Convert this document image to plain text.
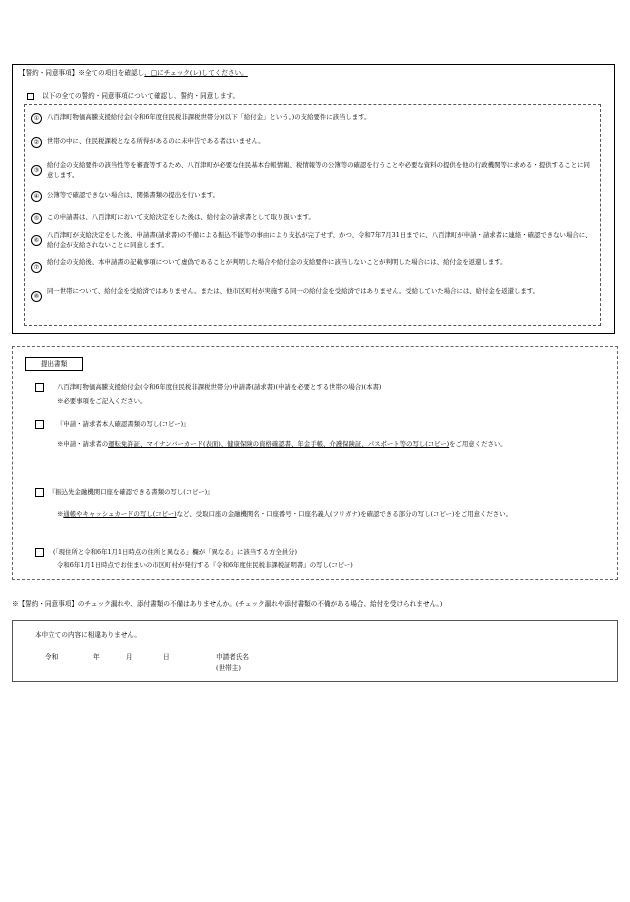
【誓約・同意事項】※全ての項目を確認し、□にチェック(レ)してください。
以下の全ての誓約・同意事項について確認し、誓約・同意します。
①	八百津町物価高騰支援給付金(令和6年度住民税非課税世帯分)(以下「給付金」という。)の支給要件に該当します。
②	世帯の中に、住民税課税となる所得があるのに未申告である者はいません。
③
給付金の支給要件の該当性等を審査等するため、八百津町が必要な住民基本台帳情報、税情報等の公簿等の確認を行うことや必要な資料の提供を他の行政機関等に求める・提供することに同意します。
④	公簿等で確認できない場合は、関係書類の提出を行います。
⑤	この申請書は、八百津町において支給決定をした後は、給付金の請求書として取り扱います。
⑥
八百津町が支給決定をした後、申請書(請求書)の不備による振込不能等の事由により支払が完了せず、かつ、令和7年7月31日までに、八百津町が申請・請求者に連絡・確認できない場合に、給付金が支給されないことに同意します。
⑦
給付金の支給後、本申請書の記載事項について虚偽であることが判明した場合や給付金の支給要件に該当しないことが判明した場合には、給付金を返還します。
⑧
同一世帯について、給付金を受給済ではありません。または、他市区町村が実施する同一の給付金を受給済ではありません。受給していた場合には、給付金を返還します。
提出書類
八百津町物価高騰支援給付金(令和6年度住民税非課税世帯分)申請書(請求書)(申請を必要とする世帯の場合)(本書)
※必要事項をご記入ください。
『申請・請求者本人確認書類の写し(コピー)』
※申請・請求者の運転免許証、マイナンバーカード(表面)、健康保険の資格確認書、年金手帳、介護保険証、パスポート等の写し(コピー)をご用意ください。
『振込先金融機関口座を確認できる書類の写し(コピー)』
※通帳やキャッシュカードの写し(コピー)など、受取口座の金融機関名・口座番号・口座名義人(フリガナ)を確認できる部分の写し(コピー)をご用意ください。
(「現住所と令和6年1月1日時点の住所と異なる」欄が「異なる」に該当する方全員分)
令和6年1月1日時点でお住まいの市区町村が発行する『令和6年度住民税非課税証明書』の写し(コピー)
※【誓約・同意事項】のチェック漏れや、添付書類の不備はありませんか。(チェック漏れや添付書類の不備がある場合、給付を受けられません。)
本申立ての内容に相違ありません。
令和	年	月	日	申請者氏名
(世帯主)
